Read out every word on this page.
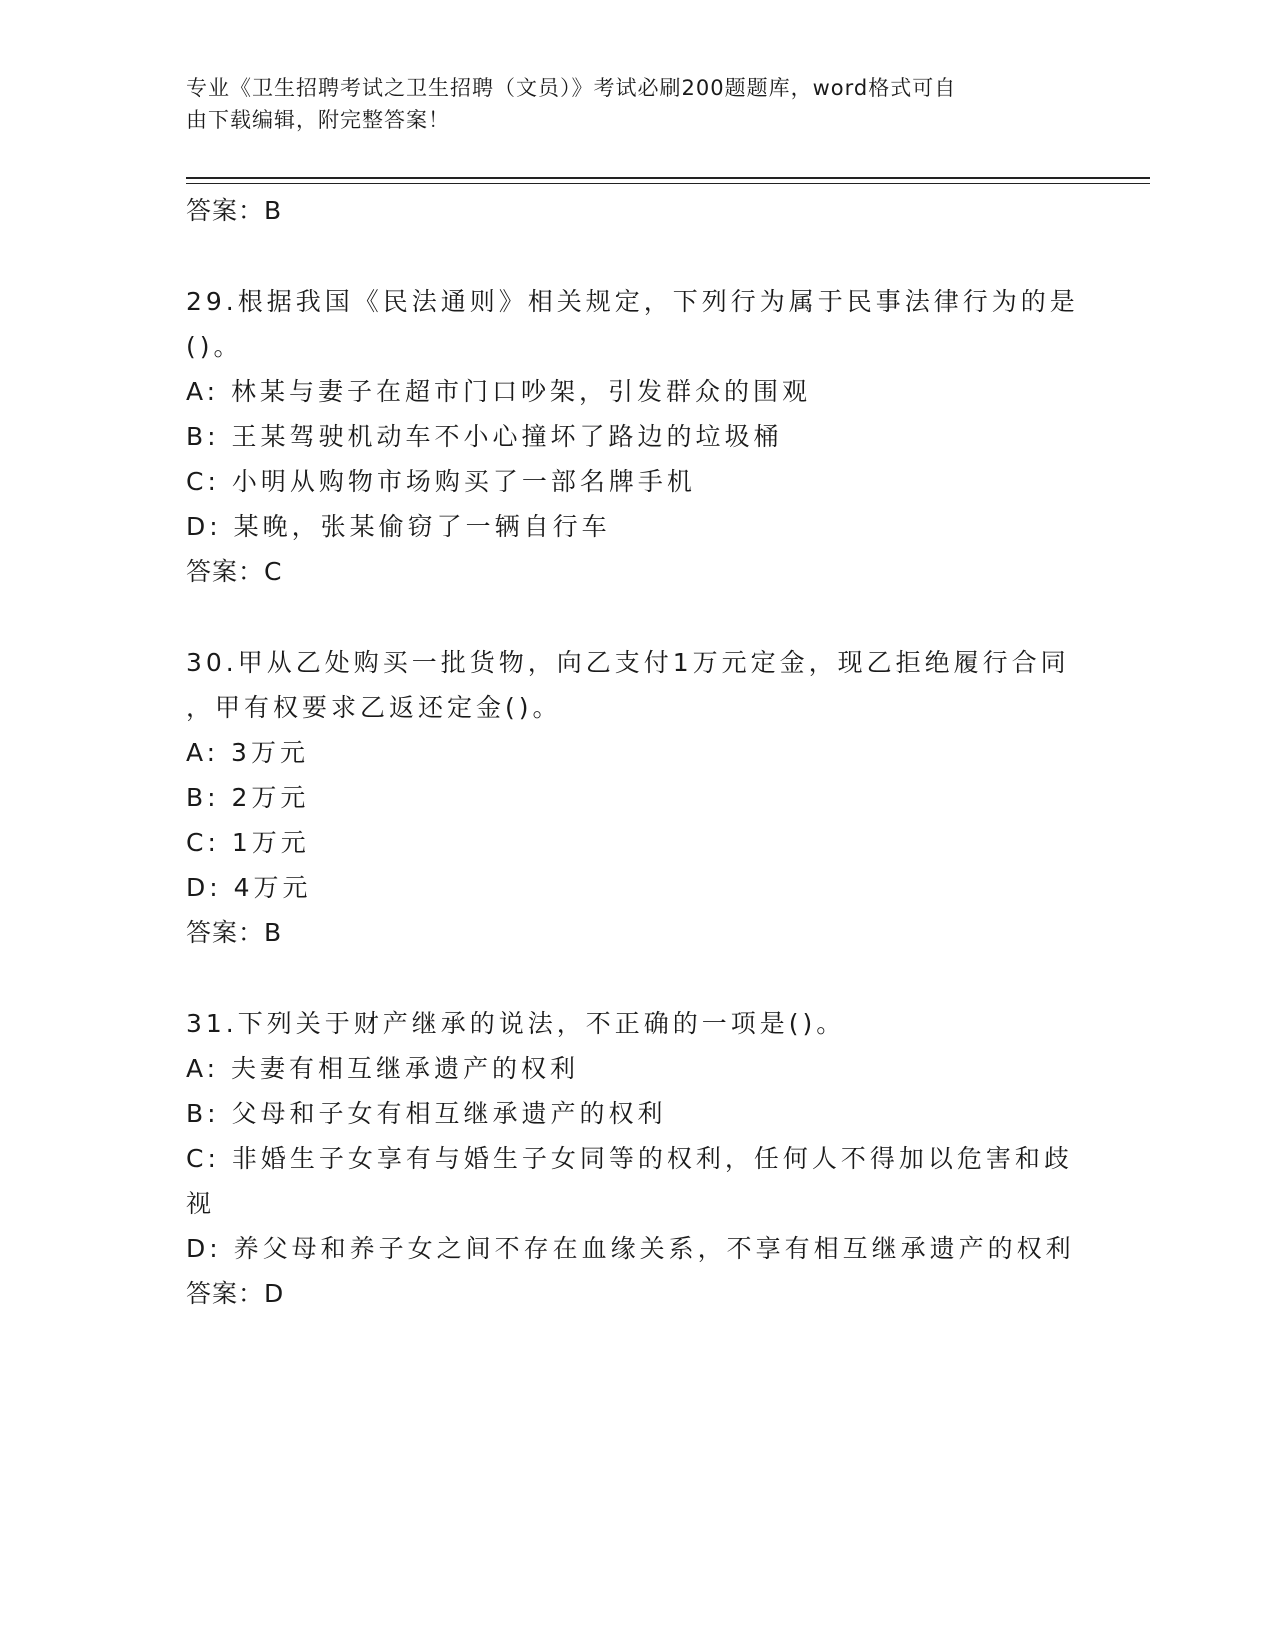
专业《卫生招聘考试之卫生招聘（文员）》考试必刷200题题库，word格式可自
由下载编辑，附完整答案！
答案：B
29.根据我国《民法通则》相关规定，下列行为属于民事法律行为的是
()。
A: 林某与妻子在超市门口吵架，引发群众的围观
B: 王某驾驶机动车不小心撞坏了路边的垃圾桶
C: 小明从购物市场购买了一部名牌手机
D: 某晚，张某偷窃了一辆自行车
答案：C
30.甲从乙处购买一批货物，向乙支付1万元定金，现乙拒绝履行合同
，甲有权要求乙返还定金()。
A: 3万元
B: 2万元
C: 1万元
D: 4万元
答案：B
31.下列关于财产继承的说法，不正确的一项是()。
A: 夫妻有相互继承遗产的权利
B: 父母和子女有相互继承遗产的权利
C: 非婚生子女享有与婚生子女同等的权利，任何人不得加以危害和歧
视
D: 养父母和养子女之间不存在血缘关系，不享有相互继承遗产的权利
答案：D
